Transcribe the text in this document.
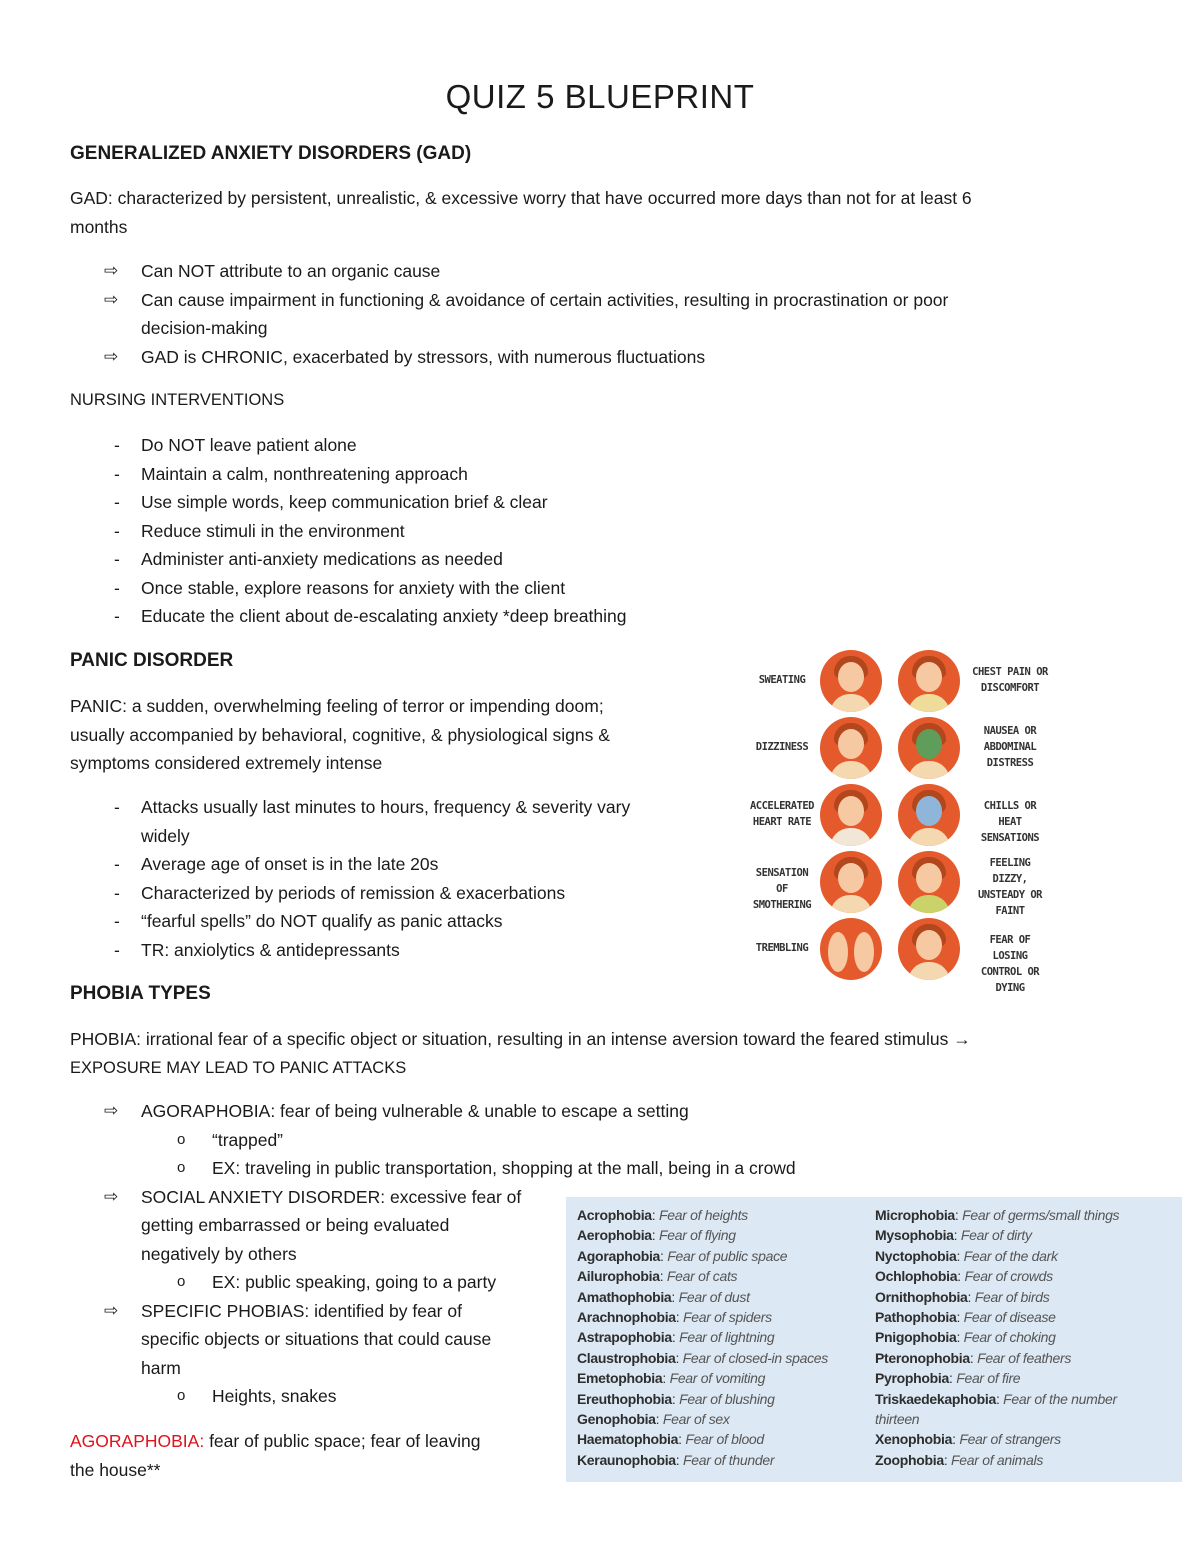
QUIZ 5 BLUEPRINT
GENERALIZED ANXIETY DISORDERS (GAD)
GAD: characterized by persistent, unrealistic, & excessive worry that have occurred more days than not for at least 6
months
⇨ Can NOT attribute to an organic cause
⇨ Can cause impairment in functioning & avoidance of certain activities, resulting in procrastination or poor
decision-making
⇨ GAD is CHRONIC, exacerbated by stressors, with numerous fluctuations
NURSING INTERVENTIONS
- Do NOT leave patient alone
- Maintain a calm, nonthreatening approach
- Use simple words, keep communication brief & clear
- Reduce stimuli in the environment
- Administer anti-anxiety medications as needed
- Once stable, explore reasons for anxiety with the client
- Educate the client about de-escalating anxiety *deep breathing
PANIC DISORDER
PANIC: a sudden, overwhelming feeling of terror or impending doom;
usually accompanied by behavioral, cognitive, & physiological signs &
symptoms considered extremely intense
- Attacks usually last minutes to hours, frequency & severity vary
widely
- Average age of onset is in the late 20s
- Characterized by periods of remission & exacerbations
- “fearful spells” do NOT qualify as panic attacks
- TR: anxiolytics & antidepressants
SWEATING
CHEST PAIN OR DISCOMFORT
DIZZINESS
NAUSEA OR ABDOMINAL DISTRESS
ACCELERATED HEART RATE
CHILLS OR HEAT SENSATIONS
SENSATION OF SMOTHERING
FEELING DIZZY, UNSTEADY OR FAINT
TREMBLING
FEAR OF LOSING CONTROL OR DYING
PHOBIA TYPES
PHOBIA: irrational fear of a specific object or situation, resulting in an intense aversion toward the feared stimulus →
EXPOSURE MAY LEAD TO PANIC ATTACKS
⇨ AGORAPHOBIA: fear of being vulnerable & unable to escape a setting
o “trapped”
o EX: traveling in public transportation, shopping at the mall, being in a crowd
⇨ SOCIAL ANXIETY DISORDER: excessive fear of
getting embarrassed or being evaluated
negatively by others
o EX: public speaking, going to a party
⇨ SPECIFIC PHOBIAS: identified by fear of
specific objects or situations that could cause
harm
o Heights, snakes
AGORAPHOBIA: fear of public space; fear of leaving
the house**
Acrophobia: Fear of heights
Aerophobia: Fear of flying
Agoraphobia: Fear of public space
Ailurophobia: Fear of cats
Amathophobia: Fear of dust
Arachnophobia: Fear of spiders
Astrapophobia: Fear of lightning
Claustrophobia: Fear of closed-in spaces
Emetophobia: Fear of vomiting
Ereuthophobia: Fear of blushing
Genophobia: Fear of sex
Haematophobia: Fear of blood
Keraunophobia: Fear of thunder
Microphobia: Fear of germs/small things
Mysophobia: Fear of dirty
Nyctophobia: Fear of the dark
Ochlophobia: Fear of crowds
Ornithophobia: Fear of birds
Pathophobia: Fear of disease
Pnigophobia: Fear of choking
Pteronophobia: Fear of feathers
Pyrophobia: Fear of fire
Triskaedekaphobia: Fear of the number
thirteen
Xenophobia: Fear of strangers
Zoophobia: Fear of animals
